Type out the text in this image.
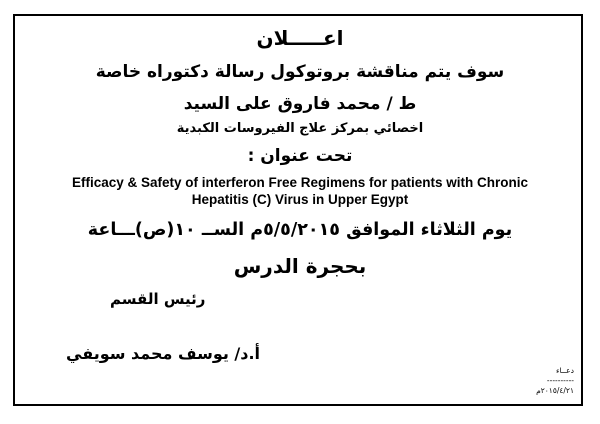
اعـــــلان
سوف يتم مناقشة بروتوكول رسالة دكتوراه خاصة
ط / محمد فاروق على السيد
اخصائي بمركز علاج الفيروسات الكبدية
تحت عنوان :
Efficacy & Safety of interferon Free Regimens for patients with Chronic
Hepatitis (C) Virus in Upper Egypt
يوم الثلاثاء الموافق ٥/٥/٢٠١٥م الســ ١٠(ص)ـــاعة
بحجرة الدرس
رئيس القسم
أ.د/ يوسف محمد سويفي
دعــاء
----------
٢٠١٥/٤/٢١م
